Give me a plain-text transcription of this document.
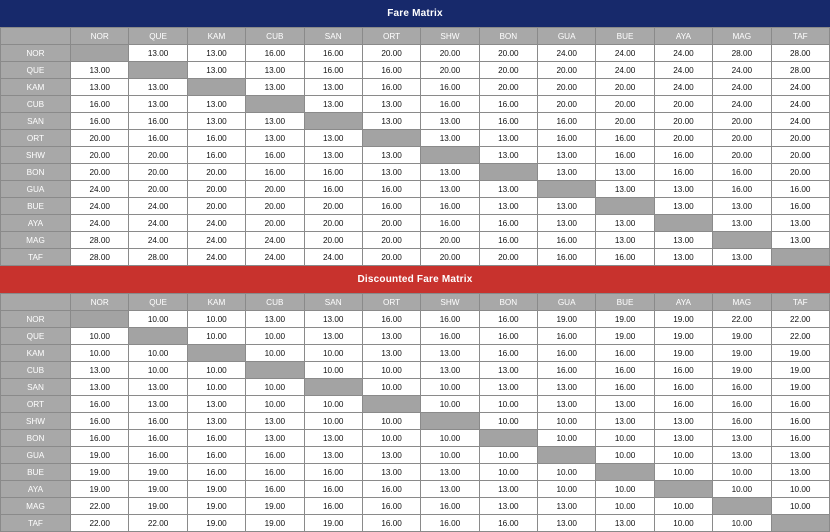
Fare Matrix
	NOR	QUE	KAM	CUB	SAN	ORT	SHW	BON	GUA	BUE	AYA	MAG	TAF
NOR		13.00	13.00	16.00	16.00	20.00	20.00	20.00	24.00	24.00	24.00	28.00	28.00
QUE	13.00		13.00	13.00	16.00	16.00	20.00	20.00	20.00	24.00	24.00	24.00	28.00
KAM	13.00	13.00		13.00	13.00	16.00	16.00	20.00	20.00	20.00	24.00	24.00	24.00
CUB	16.00	13.00	13.00		13.00	13.00	16.00	16.00	20.00	20.00	20.00	24.00	24.00
SAN	16.00	16.00	13.00	13.00		13.00	13.00	16.00	16.00	20.00	20.00	20.00	24.00
ORT	20.00	16.00	16.00	13.00	13.00		13.00	13.00	16.00	16.00	20.00	20.00	20.00
SHW	20.00	20.00	16.00	16.00	13.00	13.00		13.00	13.00	16.00	16.00	20.00	20.00
BON	20.00	20.00	20.00	16.00	16.00	13.00	13.00		13.00	13.00	16.00	16.00	20.00
GUA	24.00	20.00	20.00	20.00	16.00	16.00	13.00	13.00		13.00	13.00	16.00	16.00
BUE	24.00	24.00	20.00	20.00	20.00	16.00	16.00	13.00	13.00		13.00	13.00	16.00
AYA	24.00	24.00	24.00	20.00	20.00	20.00	16.00	16.00	13.00	13.00		13.00	13.00
MAG	28.00	24.00	24.00	24.00	20.00	20.00	20.00	16.00	16.00	13.00	13.00		13.00
TAF	28.00	28.00	24.00	24.00	24.00	20.00	20.00	20.00	16.00	16.00	13.00	13.00	
Discounted Fare Matrix
	NOR	QUE	KAM	CUB	SAN	ORT	SHW	BON	GUA	BUE	AYA	MAG	TAF
NOR		10.00	10.00	13.00	13.00	16.00	16.00	16.00	19.00	19.00	19.00	22.00	22.00
QUE	10.00		10.00	10.00	13.00	13.00	16.00	16.00	16.00	19.00	19.00	19.00	22.00
KAM	10.00	10.00		10.00	10.00	13.00	13.00	16.00	16.00	16.00	19.00	19.00	19.00
CUB	13.00	10.00	10.00		10.00	10.00	13.00	13.00	16.00	16.00	16.00	19.00	19.00
SAN	13.00	13.00	10.00	10.00		10.00	10.00	13.00	13.00	16.00	16.00	16.00	19.00
ORT	16.00	13.00	13.00	10.00	10.00		10.00	10.00	13.00	13.00	16.00	16.00	16.00
SHW	16.00	16.00	13.00	13.00	10.00	10.00		10.00	10.00	13.00	13.00	16.00	16.00
BON	16.00	16.00	16.00	13.00	13.00	10.00	10.00		10.00	10.00	13.00	13.00	16.00
GUA	19.00	16.00	16.00	16.00	13.00	13.00	10.00	10.00		10.00	10.00	13.00	13.00
BUE	19.00	19.00	16.00	16.00	16.00	13.00	13.00	10.00	10.00		10.00	10.00	13.00
AYA	19.00	19.00	19.00	16.00	16.00	16.00	13.00	13.00	10.00	10.00		10.00	10.00
MAG	22.00	19.00	19.00	19.00	16.00	16.00	16.00	13.00	13.00	10.00	10.00		10.00
TAF	22.00	22.00	19.00	19.00	19.00	16.00	16.00	16.00	13.00	13.00	10.00	10.00	
